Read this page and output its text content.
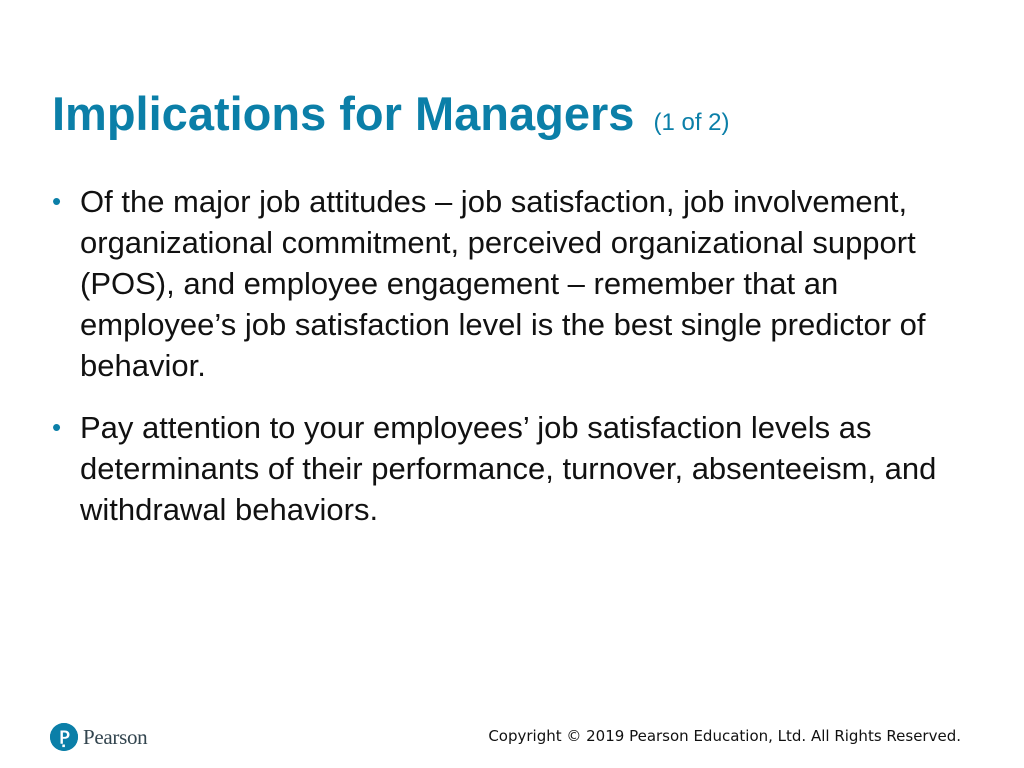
Implications for Managers (1 of 2)
• Of the major job attitudes – job satisfaction, job involvement, organizational commitment, perceived organizational support (POS), and employee engagement – remember that an employee’s job satisfaction level is the best single predictor of behavior.
• Pay attention to your employees’ job satisfaction levels as determinants of their performance, turnover, absenteeism, and withdrawal behaviors.
Pearson	Copyright © 2019 Pearson Education, Ltd. All Rights Reserved.
